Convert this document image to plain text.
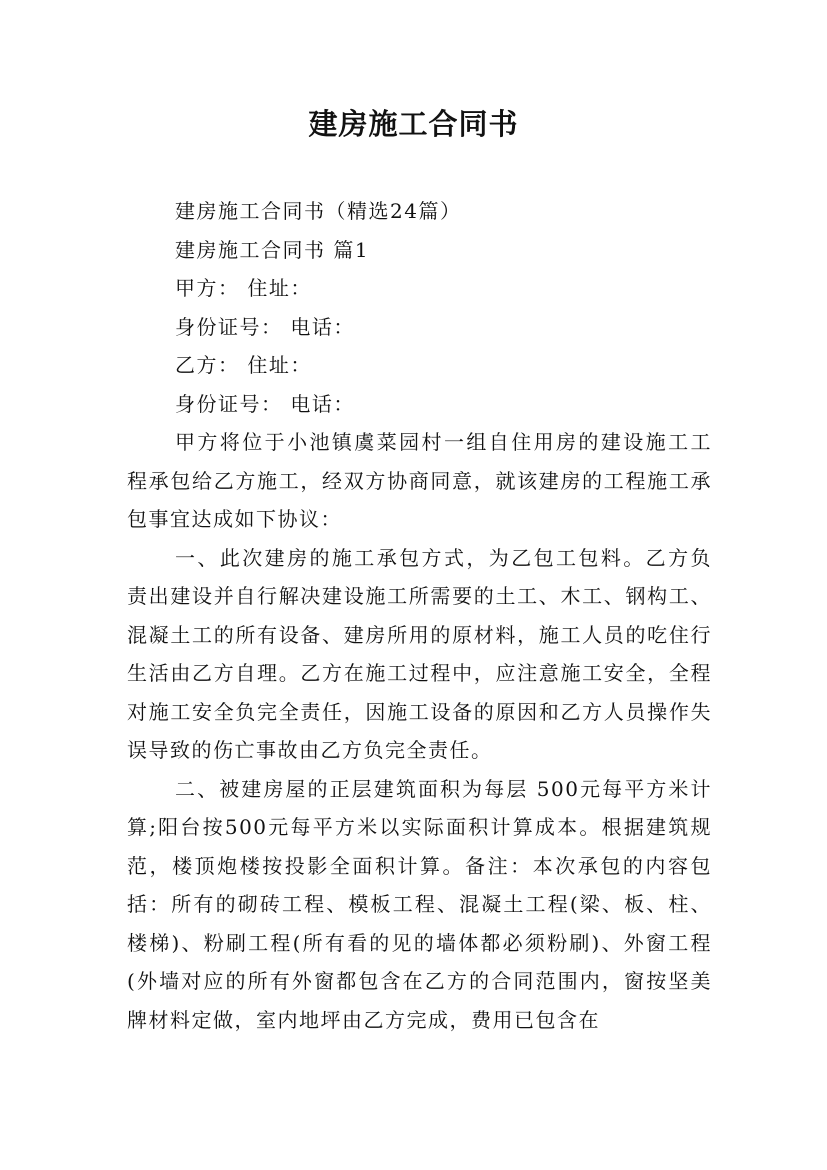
建房施工合同书

建房施工合同书（精选24篇）

建房施工合同书 篇1

甲方： 住址：

身份证号： 电话：

乙方： 住址：

身份证号： 电话：

甲方将位于小池镇虞菜园村一组自住用房的建设施工工程承包给乙方施工，经双方协商同意，就该建房的工程施工承包事宜达成如下协议：

一、此次建房的施工承包方式，为乙包工包料。乙方负责出建设并自行解决建设施工所需要的土工、木工、钢构工、混凝土工的所有设备、建房所用的原材料，施工人员的吃住行生活由乙方自理。乙方在施工过程中，应注意施工安全，全程对施工安全负完全责任，因施工设备的原因和乙方人员操作失误导致的伤亡事故由乙方负完全责任。

二、被建房屋的正层建筑面积为每层 500元每平方米计算;阳台按500元每平方米以实际面积计算成本。根据建筑规范，楼顶炮楼按投影全面积计算。备注：本次承包的内容包括：所有的砌砖工程、模板工程、混凝土工程(梁、板、柱、楼梯)、粉刷工程(所有看的见的墙体都必须粉刷)、外窗工程(外墙对应的所有外窗都包含在乙方的合同范围内，窗按坚美牌材料定做，室内地坪由乙方完成，费用已包含在
